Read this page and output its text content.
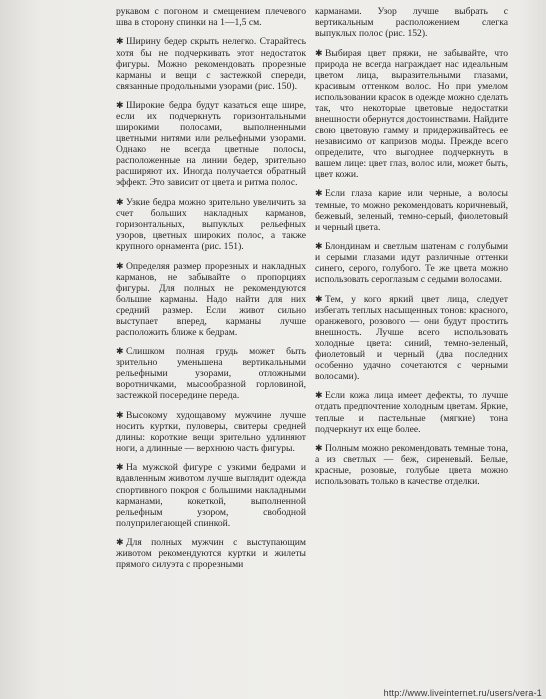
рукавом с погоном и смещением плечевого шва в сторону спинки на 1—1,5 см.

✱ Ширину бедер скрыть нелегко. Старайтесь хотя бы не подчеркивать этот недостаток фигуры. Можно рекомендовать прорезные карманы и вещи с застежкой спереди, связанные продольными узорами (рис. 150).

✱ Широкие бедра будут казаться еще шире, если их подчеркнуть горизонтальными широкими полосами, выполненными цветными нитями или рельефными узорами. Однако не всегда цветные полосы, расположенные на линии бедер, зрительно расширяют их. Иногда получается обратный эффект. Это зависит от цвета и ритма полос.

✱ Узкие бедра можно зрительно увеличить за счет больших накладных карманов, горизонтальных, выпуклых рельефных узоров, цветных широких полос, а также крупного орнамента (рис. 151).

✱ Определяя размер прорезных и накладных карманов, не забывайте о пропорциях фигуры. Для полных не рекомендуются большие карманы. Надо найти для них средний размер. Если живот сильно выступает вперед, карманы лучше расположить ближе к бедрам.

✱ Слишком полная грудь может быть зрительно уменьшена вертикальными рельефными узорами, отложными воротничками, мысообразной горловиной, застежкой посередине переда.

✱ Высокому худощавому мужчине лучше носить куртки, пуловеры, свитеры средней длины: короткие вещи зрительно удлиняют ноги, а длинные — верхнюю часть фигуры.

✱ На мужской фигуре с узкими бедрами и вдавленным животом лучше выглядит одежда спортивного покроя с большими накладными карманами, кокеткой, выполненной рельефным узором, свободной полуприлегающей спинкой.

✱ Для полных мужчин с выступающим животом рекомендуются куртки и жилеты прямого силуэта с прорезными

карманами. Узор лучше выбрать с вертикальным расположением слегка выпуклых полос (рис. 152).

✱ Выбирая цвет пряжи, не забывайте, что природа не всегда награждает нас идеальным цветом лица, выразительными глазами, красивым оттенком волос. Но при умелом использовании красок в одежде можно сделать так, что некоторые цветовые недостатки внешности обернутся достоинствами. Найдите свою цветовую гамму и придерживайтесь ее независимо от капризов моды. Прежде всего определите, что выгоднее подчеркнуть в вашем лице: цвет глаз, волос или, может быть, цвет кожи.

✱ Если глаза карие или черные, а волосы темные, то можно рекомендовать коричневый, бежевый, зеленый, темно-серый, фиолетовый и черный цвета.

✱ Блондинам и светлым шатенам с голубыми и серыми глазами идут различные оттенки синего, серого, голубого. Те же цвета можно использовать сероглазым с седыми волосами.

✱ Тем, у кого яркий цвет лица, следует избегать теплых насыщенных тонов: красного, оранжевого, розового — они будут простить внешность. Лучше всего использовать холодные цвета: синий, темно-зеленый, фиолетовый и черный (два последних особенно удачно сочетаются с черными волосами).

✱ Если кожа лица имеет дефекты, то лучше отдать предпочтение холодным цветам. Яркие, теплые и пастельные (мягкие) тона подчеркнут их еще более.

✱ Полным можно рекомендовать темные тона, а из светлых — беж, сиреневый. Белые, красные, розовые, голубые цвета можно использовать только в качестве отделки.

http://www.liveinternet.ru/users/vera-1
